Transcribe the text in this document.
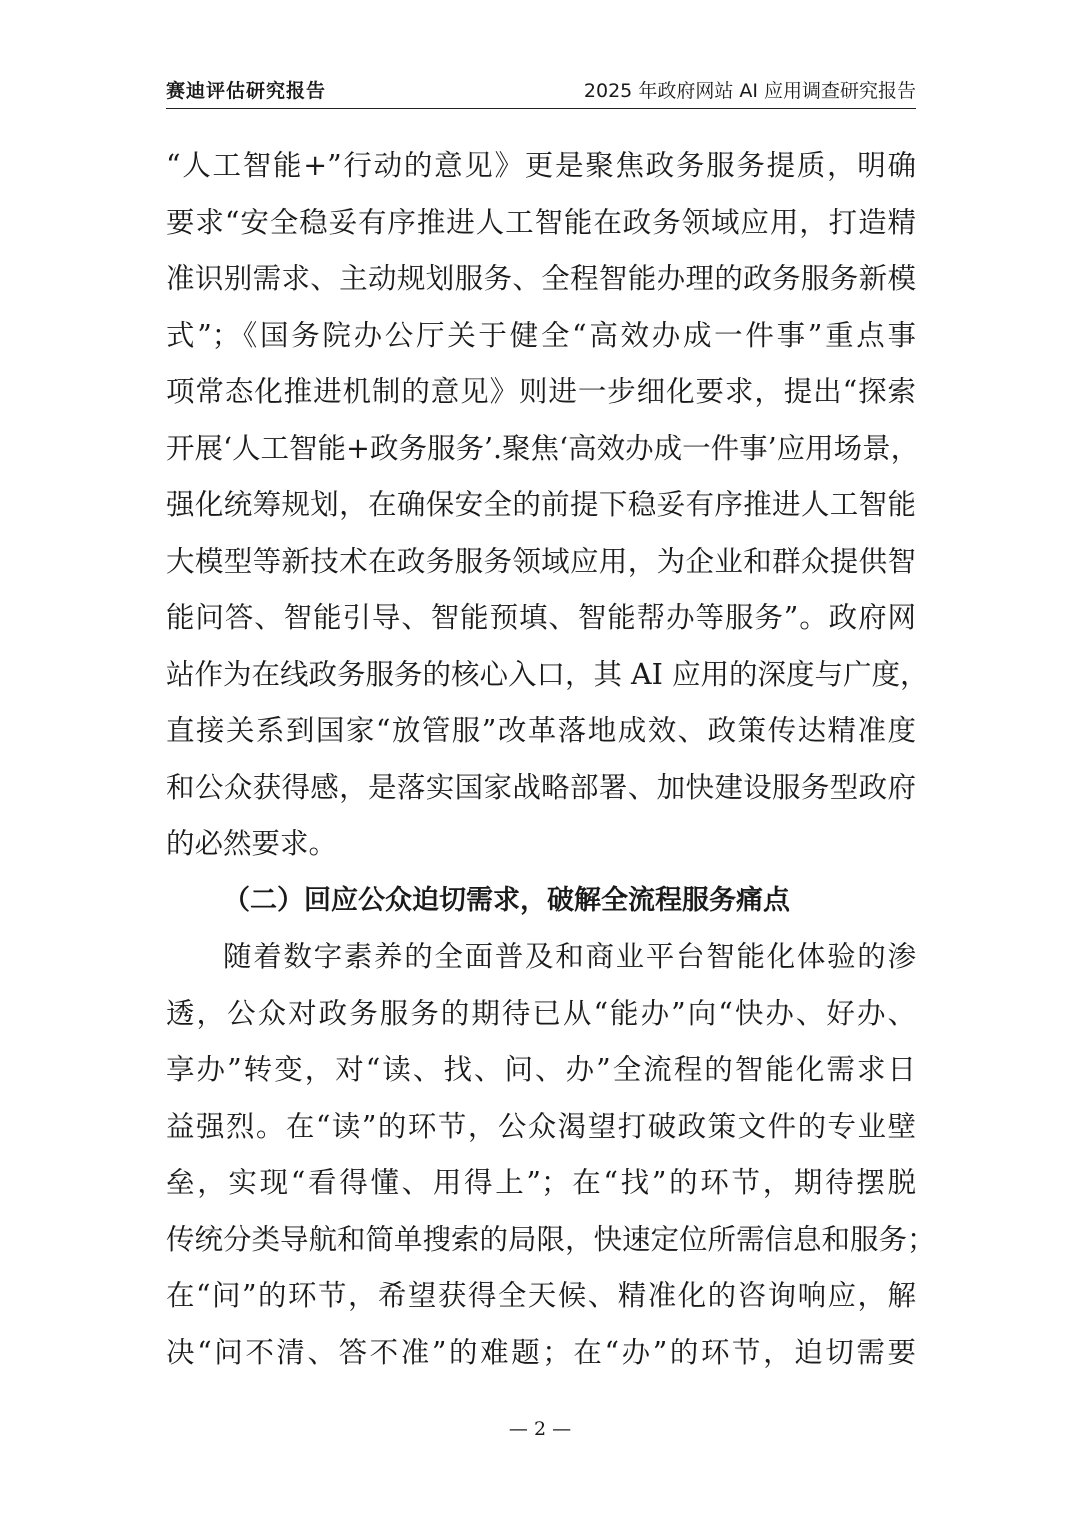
赛迪评估研究报告	2025 年政府网站 AI 应用调查研究报告
“人工智能+”行动的意见》更是聚焦政务服务提质，明确
要求“安全稳妥有序推进人工智能在政务领域应用，打造精
准识别需求、主动规划服务、全程智能办理的政务服务新模
式”；《国务院办公厅关于健全“高效办成一件事”重点事
项常态化推进机制的意见》则进一步细化要求，提出“探索
开展‘人工智能+政务服务’.聚焦‘高效办成一件事’应用场景，
强化统筹规划，在确保安全的前提下稳妥有序推进人工智能
大模型等新技术在政务服务领域应用，为企业和群众提供智
能问答、智能引导、智能预填、智能帮办等服务”。政府网
站作为在线政务服务的核心入口，其 AI 应用的深度与广度，
直接关系到国家“放管服”改革落地成效、政策传达精准度
和公众获得感，是落实国家战略部署、加快建设服务型政府
的必然要求。
（二）回应公众迫切需求，破解全流程服务痛点
随着数字素养的全面普及和商业平台智能化体验的渗
透，公众对政务服务的期待已从“能办”向“快办、好办、
享办”转变，对“读、找、问、办”全流程的智能化需求日
益强烈。在“读”的环节，公众渴望打破政策文件的专业壁
垒，实现“看得懂、用得上”；在“找”的环节，期待摆脱
传统分类导航和简单搜索的局限，快速定位所需信息和服务；
在“问”的环节，希望获得全天候、精准化的咨询响应，解
决“问不清、答不准”的难题；在“办”的环节，迫切需要
— 2 —
